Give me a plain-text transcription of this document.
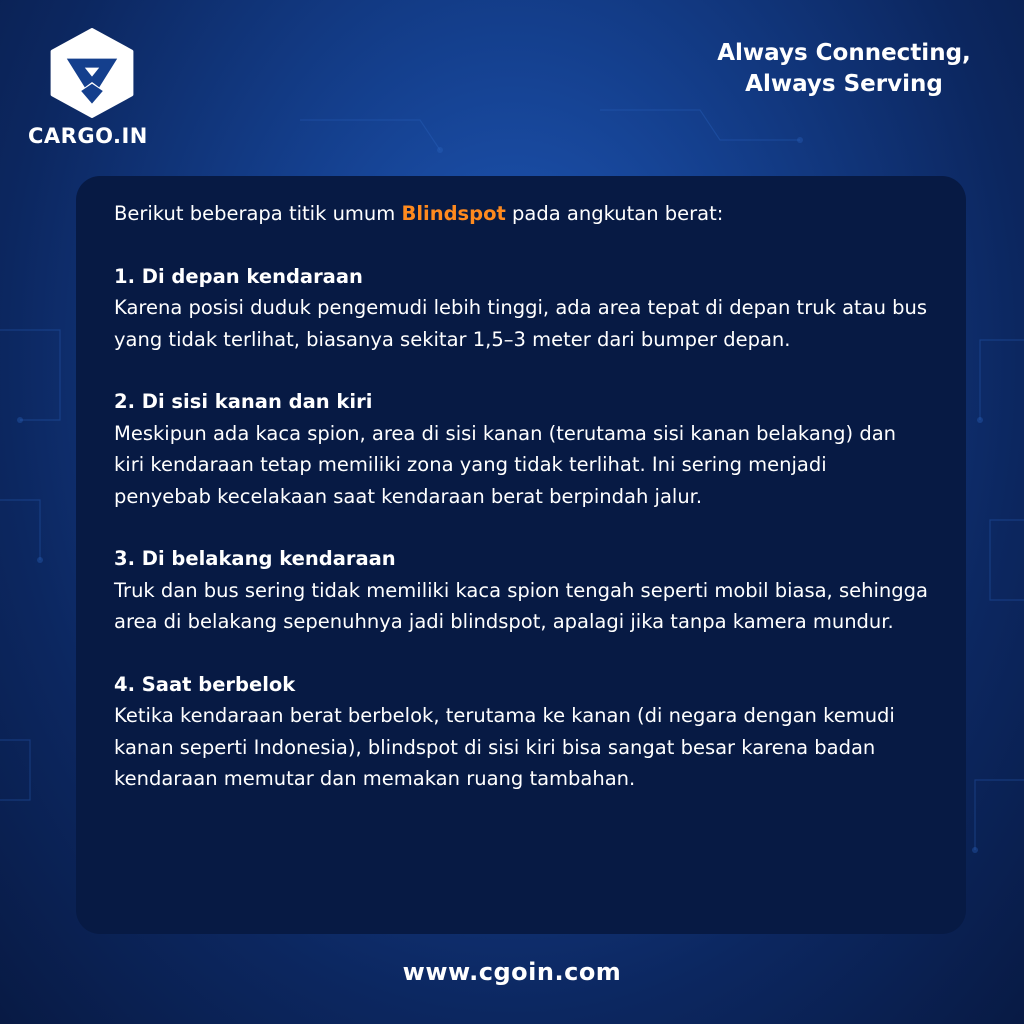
CARGO.IN
Always Connecting,
Always Serving

Berikut beberapa titik umum Blindspot pada angkutan berat:

1. Di depan kendaraan

Karena posisi duduk pengemudi lebih tinggi, ada area tepat di depan truk atau bus yang tidak terlihat, biasanya sekitar 1,5–3 meter dari bumper depan.

2. Di sisi kanan dan kiri

Meskipun ada kaca spion, area di sisi kanan (terutama sisi kanan belakang) dan kiri kendaraan tetap memiliki zona yang tidak terlihat. Ini sering menjadi penyebab kecelakaan saat kendaraan berat berpindah jalur.

3. Di belakang kendaraan

Truk dan bus sering tidak memiliki kaca spion tengah seperti mobil biasa, sehingga area di belakang sepenuhnya jadi blindspot, apalagi jika tanpa kamera mundur.

4. Saat berbelok

Ketika kendaraan berat berbelok, terutama ke kanan (di negara dengan kemudi kanan seperti Indonesia), blindspot di sisi kiri bisa sangat besar karena badan kendaraan memutar dan memakan ruang tambahan.

www.cgoin.com
